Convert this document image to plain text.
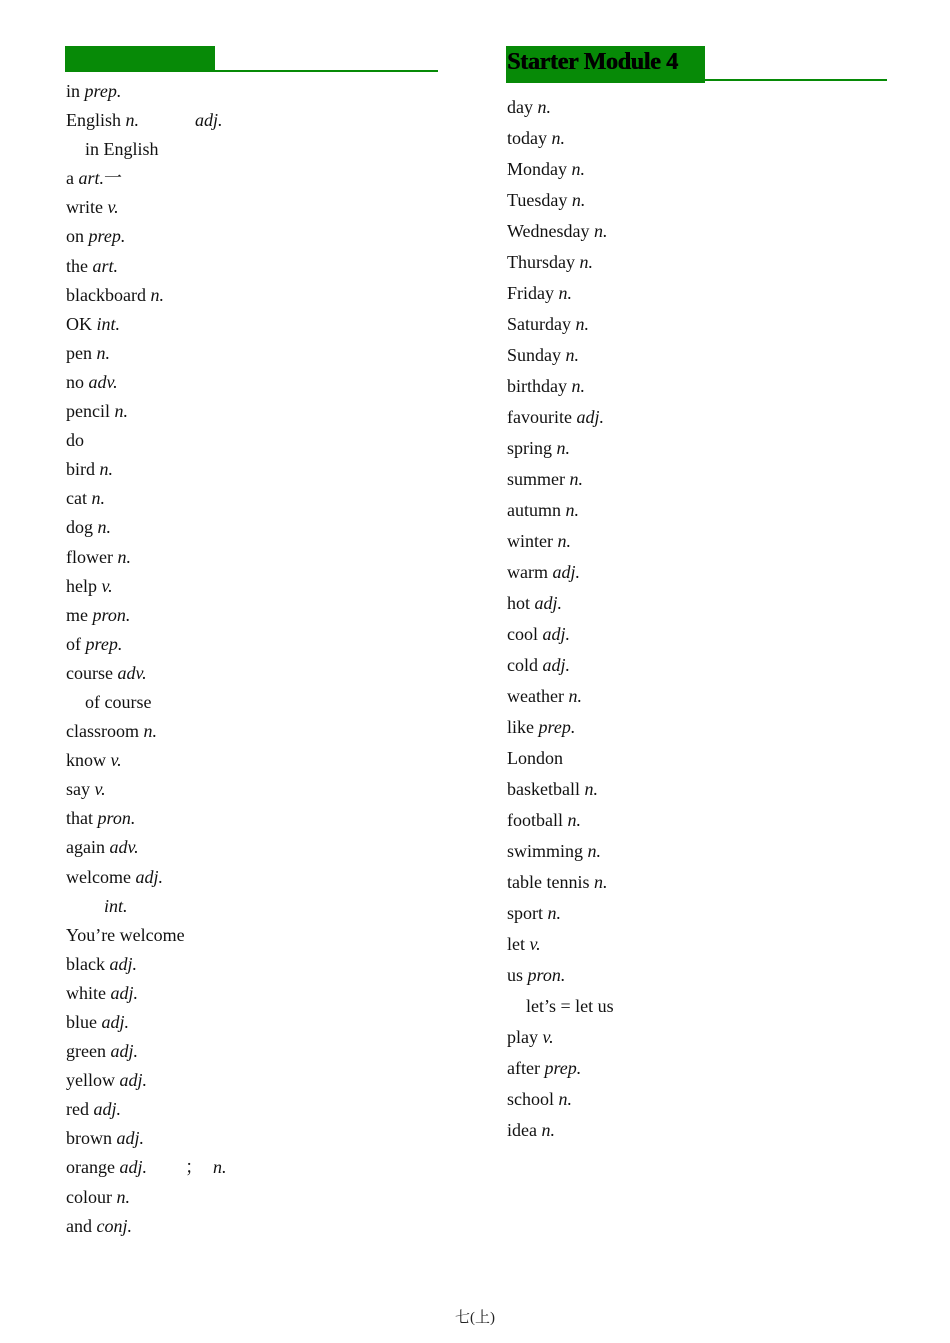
in prep.
English n.	adj.
in English
a art.一
write v.
on prep.
the art.
blackboard n.
OK int.
pen n.
no adv.
pencil n.
do
bird n.
cat n.
dog n.
flower n.
help v.
me pron.
of prep.
course adv.
of course
classroom n.
know v.
say v.
that pron.
again adv.
welcome adj.
int.
You’re welcome
black adj.
white adj.
blue adj.
green adj.
yellow adj.
red adj.
brown adj.
orange adj. ； n.
colour n.
and conj.
Starter Module 4
day n.
today n.
Monday n.
Tuesday n.
Wednesday n.
Thursday n.
Friday n.
Saturday n.
Sunday n.
birthday n.
favourite adj.
spring n.
summer n.
autumn n.
winter n.
warm adj.
hot adj.
cool adj.
cold adj.
weather n.
like prep.
London
basketball n.
football n.
swimming n.
table tennis n.
sport n.
let v.
us pron.
let’s = let us
play v.
after prep.
school n.
idea n.
七(上)
